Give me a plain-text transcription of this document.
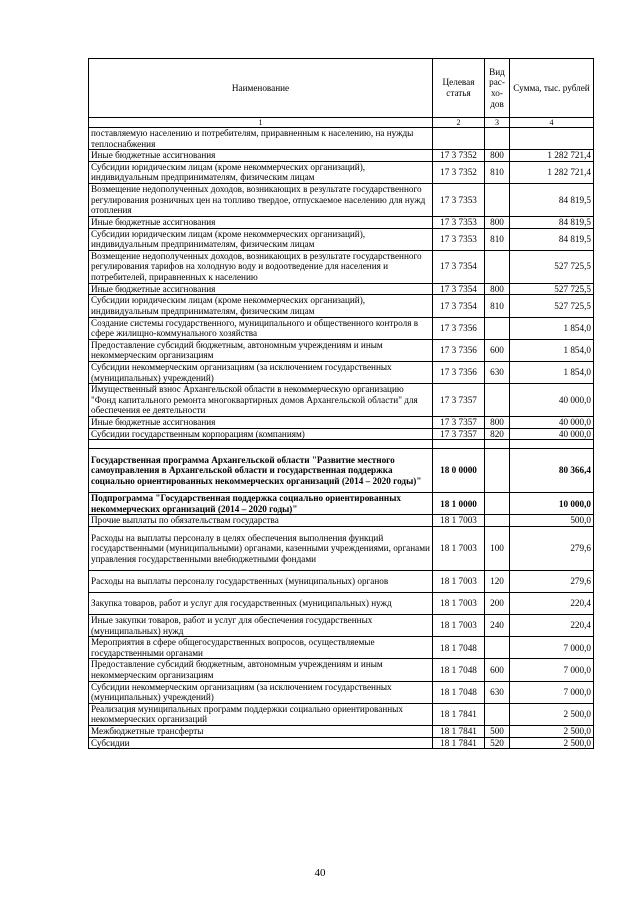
Наименование	Целевая статья	Вид рас- хо- дов	Сумма, тыс. рублей
1	2	3	4
поставляемую населению и потребителям, приравненным к населению, на нужды теплоснабжения			
Иные бюджетные ассигнования	17 3 7352	800	1 282 721,4
Субсидии юридическим лицам (кроме некоммерческих организаций), индивидуальным предпринимателям, физическим лицам	17 3 7352	810	1 282 721,4
Возмещение недополученных доходов, возникающих в результате государственного регулирования розничных цен на топливо твердое, отпускаемое населению для нужд отопления	17 3 7353		84 819,5
Иные бюджетные ассигнования	17 3 7353	800	84 819,5
Субсидии юридическим лицам (кроме некоммерческих организаций), индивидуальным предпринимателям, физическим лицам	17 3 7353	810	84 819,5
Возмещение недополученных доходов, возникающих в результате государственного регулирования тарифов на холодную воду и водоотведение для населения и потребителей, приравненных к населению	17 3 7354		527 725,5
Иные бюджетные ассигнования	17 3 7354	800	527 725,5
Субсидии юридическим лицам (кроме некоммерческих организаций), индивидуальным предпринимателям, физическим лицам	17 3 7354	810	527 725,5
Создание системы государственного, муниципального и общественного контроля в сфере жилищно-коммунального хозяйства	17 3 7356		1 854,0
Предоставление субсидий бюджетным, автономным учреждениям и иным некоммерческим организациям	17 3 7356	600	1 854,0
Субсидии некоммерческим организациям (за исключением государственных (муниципальных) учреждений)	17 3 7356	630	1 854,0
Имущественный взнос Архангельской области в некоммерческую организацию "Фонд капитального ремонта многоквартирных домов Архангельской области" для обеспечения ее деятельности	17 3 7357		40 000,0
Иные бюджетные ассигнования	17 3 7357	800	40 000,0
Субсидии государственным корпорациям (компаниям)	17 3 7357	820	40 000,0

Государственная программа Архангельской области "Развитие местного самоуправления в Архангельской области и государственная поддержка социально ориентированных некоммерческих организаций (2014 – 2020 годы)"	18 0 0000		80 366,4
Подпрограмма "Государственная поддержка социально ориентированных некоммерческих организаций (2014 – 2020 годы)"	18 1 0000		10 000,0
Прочие выплаты по обязательствам государства	18 1 7003		500,0
Расходы на выплаты персоналу в целях обеспечения выполнения функций государственными (муниципальными) органами, казенными учреждениями, органами управления государственными внебюджетными фондами	18 1 7003	100	279,6
Расходы на выплаты персоналу государственных (муниципальных) органов	18 1 7003	120	279,6
Закупка товаров, работ и услуг для государственных (муниципальных) нужд	18 1 7003	200	220,4
Иные закупки товаров, работ и услуг для обеспечения государственных (муниципальных) нужд	18 1 7003	240	220,4
Мероприятия в сфере общегосударственных вопросов, осуществляемые государственными органами	18 1 7048		7 000,0
Предоставление субсидий бюджетным, автономным учреждениям и иным некоммерческим организациям	18 1 7048	600	7 000,0
Субсидии некоммерческим организациям (за исключением государственных (муниципальных) учреждений)	18 1 7048	630	7 000,0
Реализация муниципальных программ поддержки социально ориентированных некоммерческих организаций	18 1 7841		2 500,0
Межбюджетные трансферты	18 1 7841	500	2 500,0
Субсидии	18 1 7841	520	2 500,0
40
